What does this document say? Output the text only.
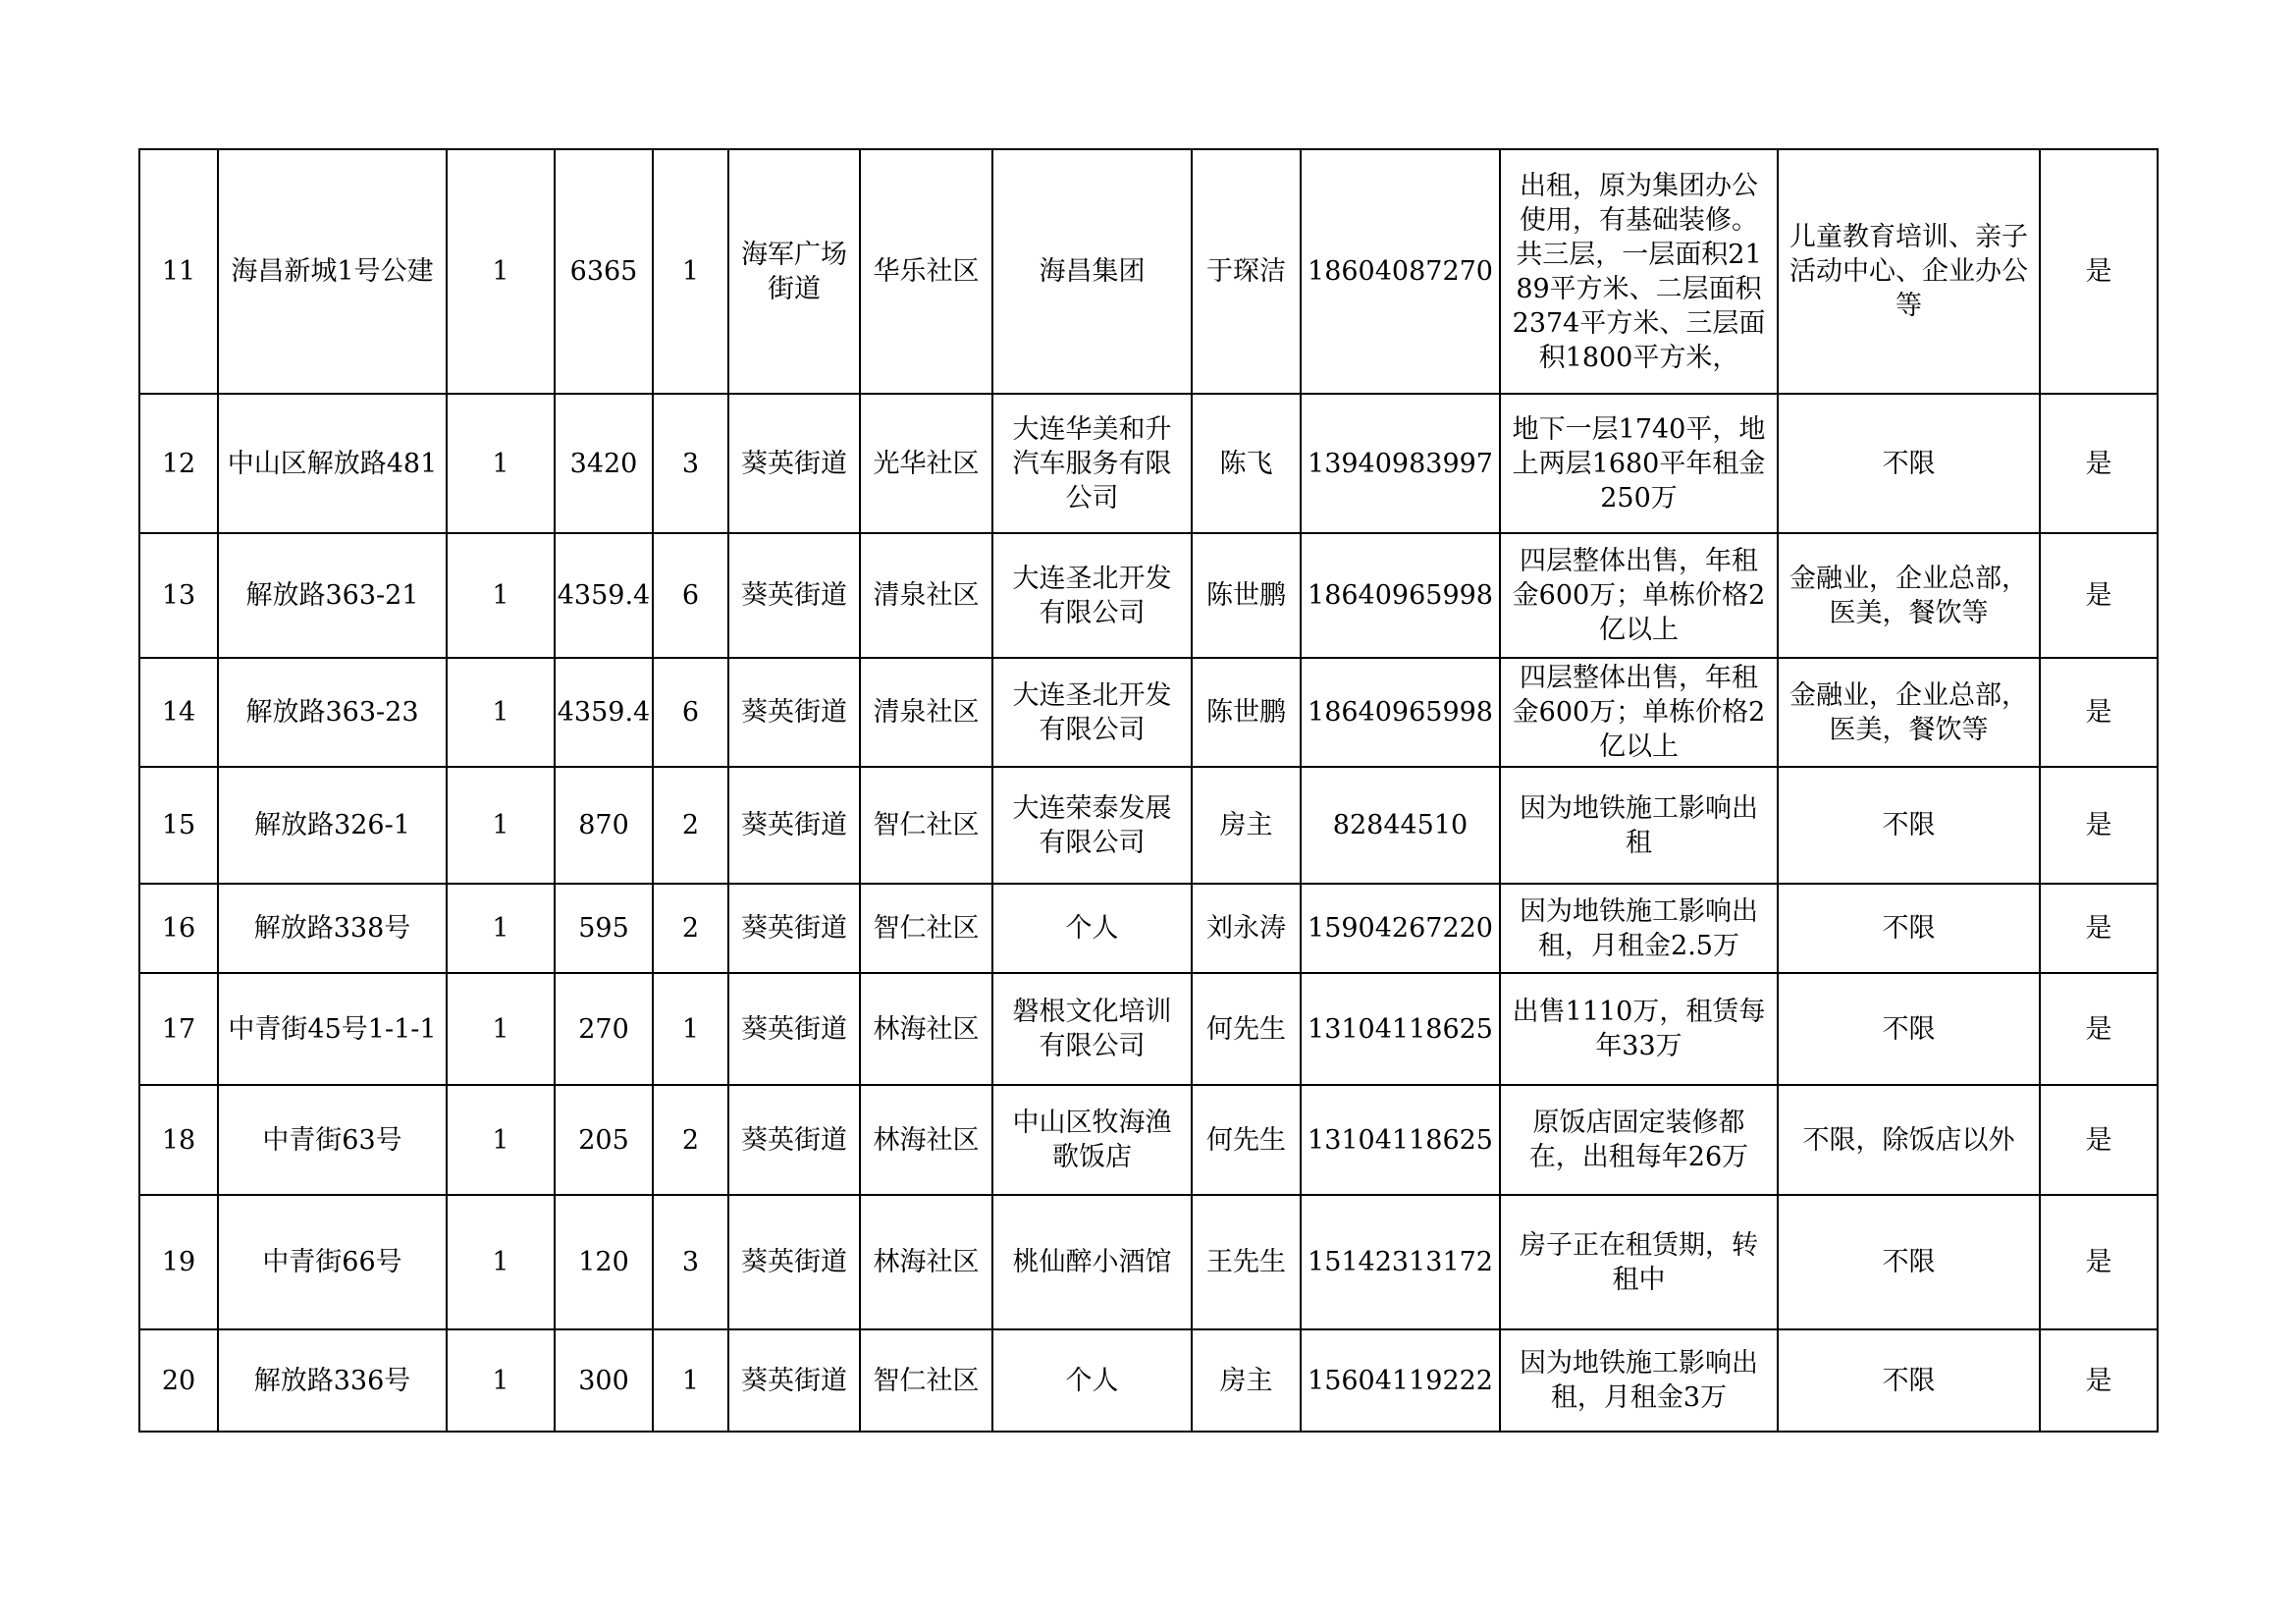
11	海昌新城1号公建	1	6365	1	海军广场街道	华乐社区	海昌集团	于琛洁	18604087270	出租，原为集团办公使用，有基础装修。共三层，一层面积2189平方米、二层面积2374平方米、三层面积1800平方米，	儿童教育培训、亲子活动中心、企业办公等	是
12	中山区解放路481	1	3420	3	葵英街道	光华社区	大连华美和升汽车服务有限公司	陈飞	13940983997	地下一层1740平，地上两层1680平年租金250万	不限	是
13	解放路363-21	1	4359.4	6	葵英街道	清泉社区	大连圣北开发有限公司	陈世鹏	18640965998	四层整体出售，年租金600万；单栋价格2亿以上	金融业，企业总部，医美，餐饮等	是
14	解放路363-23	1	4359.4	6	葵英街道	清泉社区	大连圣北开发有限公司	陈世鹏	18640965998	四层整体出售，年租金600万；单栋价格2亿以上	金融业，企业总部，医美，餐饮等	是
15	解放路326-1	1	870	2	葵英街道	智仁社区	大连荣泰发展有限公司	房主	82844510	因为地铁施工影响出租	不限	是
16	解放路338号	1	595	2	葵英街道	智仁社区	个人	刘永涛	15904267220	因为地铁施工影响出租，月租金2.5万	不限	是
17	中青街45号1-1-1	1	270	1	葵英街道	林海社区	磐根文化培训有限公司	何先生	13104118625	出售1110万，租赁每年33万	不限	是
18	中青街63号	1	205	2	葵英街道	林海社区	中山区牧海渔歌饭店	何先生	13104118625	原饭店固定装修都在，出租每年26万	不限，除饭店以外	是
19	中青街66号	1	120	3	葵英街道	林海社区	桃仙醉小酒馆	王先生	15142313172	房子正在租赁期，转租中	不限	是
20	解放路336号	1	300	1	葵英街道	智仁社区	个人	房主	15604119222	因为地铁施工影响出租，月租金3万	不限	是
